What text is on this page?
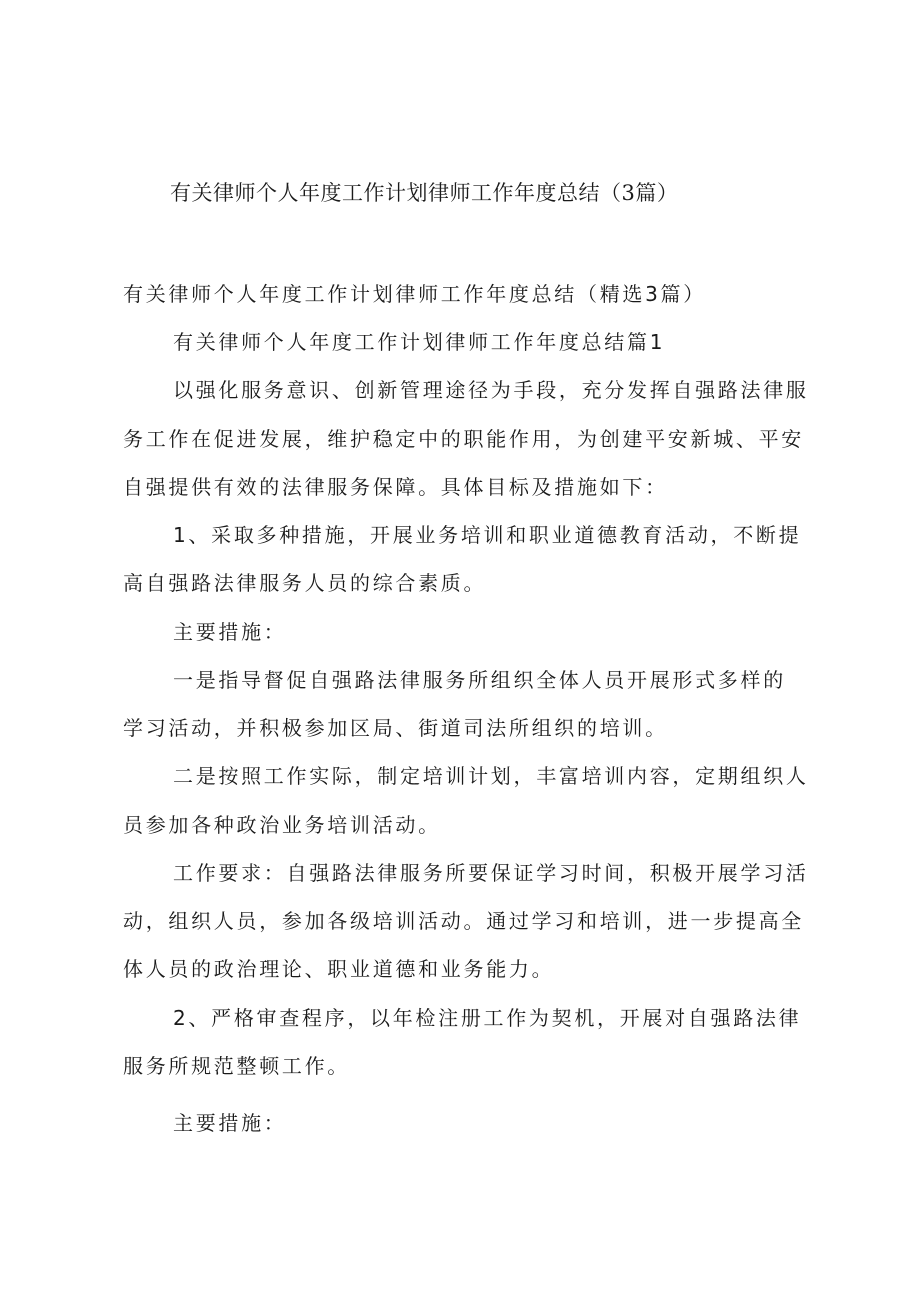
有关律师个人年度工作计划律师工作年度总结（3篇）

有关律师个人年度工作计划律师工作年度总结（精选3篇）

有关律师个人年度工作计划律师工作年度总结篇1

以强化服务意识、创新管理途径为手段，充分发挥自强路法律服

务工作在促进发展，维护稳定中的职能作用，为创建平安新城、平安

自强提供有效的法律服务保障。具体目标及措施如下：

1、采取多种措施，开展业务培训和职业道德教育活动，不断提

高自强路法律服务人员的综合素质。

主要措施：

一是指导督促自强路法律服务所组织全体人员开展形式多样的

学习活动，并积极参加区局、街道司法所组织的培训。

二是按照工作实际，制定培训计划，丰富培训内容，定期组织人

员参加各种政治业务培训活动。

工作要求：自强路法律服务所要保证学习时间，积极开展学习活

动，组织人员，参加各级培训活动。通过学习和培训，进一步提高全

体人员的政治理论、职业道德和业务能力。

2、严格审查程序，以年检注册工作为契机，开展对自强路法律

服务所规范整顿工作。

主要措施：
